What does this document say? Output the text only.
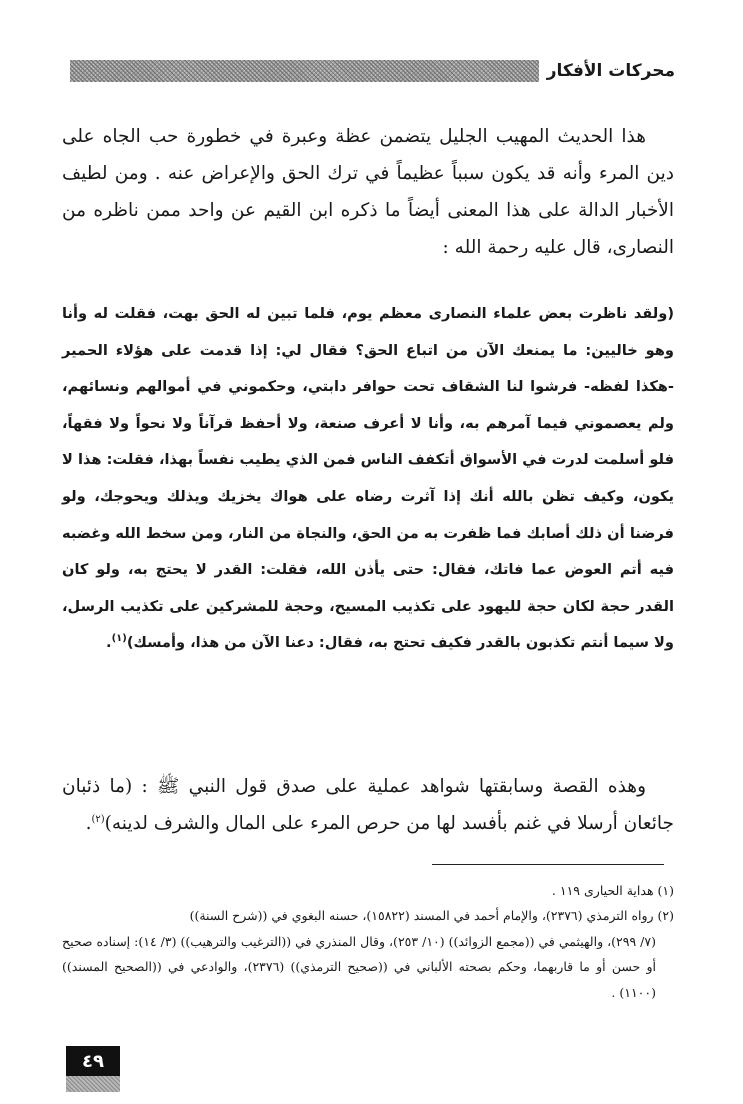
محركات الأفكار

هذا الحديث المهيب الجليل يتضمن عظة وعبرة في خطورة حب الجاه على دين المرء وأنه قد يكون سبباً عظيماً في ترك الحق والإعراض عنه . ومن لطيف الأخبار الدالة على هذا المعنى أيضاً ما ذكره ابن القيم عن واحد ممن ناظره من النصارى، قال عليه رحمة الله :

(ولقد ناظرت بعض علماء النصارى معظم يوم، فلما تبين له الحق بهت، فقلت له وأنا وهو خاليين: ما يمنعك الآن من اتباع الحق؟ فقال لي: إذا قدمت على هؤلاء الحمير -هكذا لفظه- فرشوا لنا الشقاف تحت حوافر دابتي، وحكموني في أموالهم ونسائهم، ولم يعصموني فيما آمرهم به، وأنا لا أعرف صنعة، ولا أحفظ قرآناً ولا نحواً ولا فقهاً، فلو أسلمت لدرت في الأسواق أتكفف الناس فمن الذي يطيب نفساً بهذا، فقلت: هذا لا يكون، وكيف تظن بالله أنك إذا آثرت رضاه على هواك يخزيك ويذلك ويحوجك، ولو فرضنا أن ذلك أصابك فما ظفرت به من الحق، والنجاة من النار، ومن سخط الله وغضبه فيه أتم العوض عما فاتك، فقال: حتى يأذن الله، فقلت: القدر لا يحتج به، ولو كان القدر حجة لكان حجة لليهود على تكذيب المسيح، وحجة للمشركين على تكذيب الرسل، ولا سيما أنتم تكذبون بالقدر فكيف تحتج به، فقال: دعنا الآن من هذا، وأمسك)$^{(١)}$.

وهذه القصة وسابقتها شواهد عملية على صدق قول النبي ﷺ : (ما ذئبان جائعان أرسلا في غنم بأفسد لها من حرص المرء على المال والشرف لدينه)$^{(٢)}$.

(١) هداية الحيارى ١١٩ .

(٢) رواه الترمذي (٢٣٧٦)، والإمام أحمد في المسند (١٥٨٢٢)، حسنه البغوي في ((شرح السنة))

(٧/ ٢٩٩)، والهيثمي في ((مجمع الزوائد)) (١٠/ ٢٥٣)، وقال المنذري في ((الترغيب والترهيب)) (٣/ ١٤): إسناده صحيح أو حسن أو ما قاربهما، وحكم بصحته الألباني في ((صحيح الترمذي)) (٢٣٧٦)، والوادعي في ((الصحيح المسند)) (١١٠٠) .

٤٩
